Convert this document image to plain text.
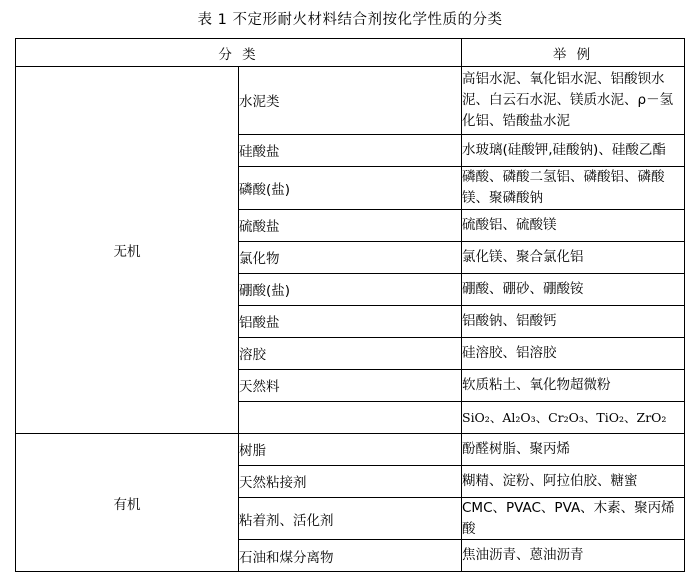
表 1 不定形耐火材料结合剂按化学性质的分类
分 类		举 例
无机	水泥类	高铝水泥、氧化铝水泥、铝酸钡水泥、白云石水泥、镁质水泥、ρ－氢
化铝、锆酸盐水泥

	硅酸盐	水玻璃(硅酸钾,硅酸钠)、硅酸乙酯
	磷酸(盐)	磷酸、磷酸二氢铝、磷酸铝、磷酸镁、聚磷酸钠
	硫酸盐	硫酸铝、硫酸镁
	氯化物	氯化镁、聚合氯化铝
	硼酸(盐)	硼酸、硼砂、硼酸铵
	铝酸盐	铝酸钠、铝酸钙
	溶胶	硅溶胶、铝溶胶
	天然料	软质粘土、氧化物超微粉
		SiO₂、Al₂O₃、Cr₂O₃、TiO₂、ZrO₂
有机	树脂	酚醛树脂、聚丙烯
	天然粘接剂	糊精、淀粉、阿拉伯胶、糖蜜
	粘着剂、活化剂	CMC、PVAC、PVA、木素、聚丙烯酸
	石油和煤分离物	焦油沥青、蒽油沥青
